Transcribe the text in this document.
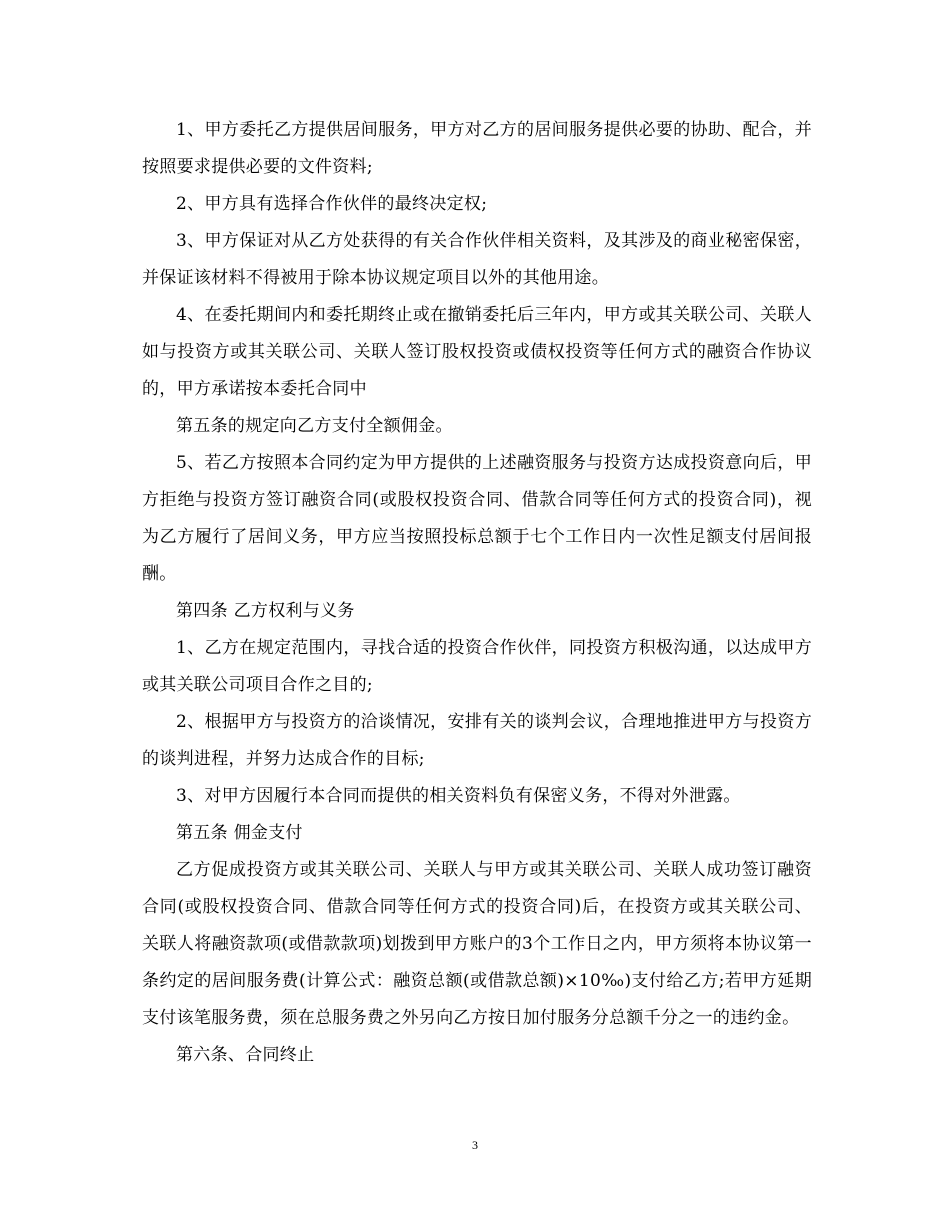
1、甲方委托乙方提供居间服务，甲方对乙方的居间服务提供必要的协助、配合，并按照要求提供必要的文件资料;

2、甲方具有选择合作伙伴的最终决定权;

3、甲方保证对从乙方处获得的有关合作伙伴相关资料，及其涉及的商业秘密保密，并保证该材料不得被用于除本协议规定项目以外的其他用途。

4、在委托期间内和委托期终止或在撤销委托后三年内，甲方或其关联公司、关联人如与投资方或其关联公司、关联人签订股权投资或债权投资等任何方式的融资合作协议的，甲方承诺按本委托合同中

第五条的规定向乙方支付全额佣金。

5、若乙方按照本合同约定为甲方提供的上述融资服务与投资方达成投资意向后，甲方拒绝与投资方签订融资合同(或股权投资合同、借款合同等任何方式的投资合同)，视为乙方履行了居间义务，甲方应当按照投标总额于七个工作日内一次性足额支付居间报酬。

第四条 乙方权利与义务

1、乙方在规定范围内，寻找合适的投资合作伙伴，同投资方积极沟通，以达成甲方或其关联公司项目合作之目的;

2、根据甲方与投资方的洽谈情况，安排有关的谈判会议，合理地推进甲方与投资方的谈判进程，并努力达成合作的目标;

3、对甲方因履行本合同而提供的相关资料负有保密义务，不得对外泄露。

第五条 佣金支付

乙方促成投资方或其关联公司、关联人与甲方或其关联公司、关联人成功签订融资合同(或股权投资合同、借款合同等任何方式的投资合同)后，在投资方或其关联公司、关联人将融资款项(或借款款项)划拨到甲方账户的3个工作日之内，甲方须将本协议第一条约定的居间服务费(计算公式：融资总额(或借款总额)×10‰)支付给乙方;若甲方延期支付该笔服务费，须在总服务费之外另向乙方按日加付服务分总额千分之一的违约金。

第六条、合同终止

3
